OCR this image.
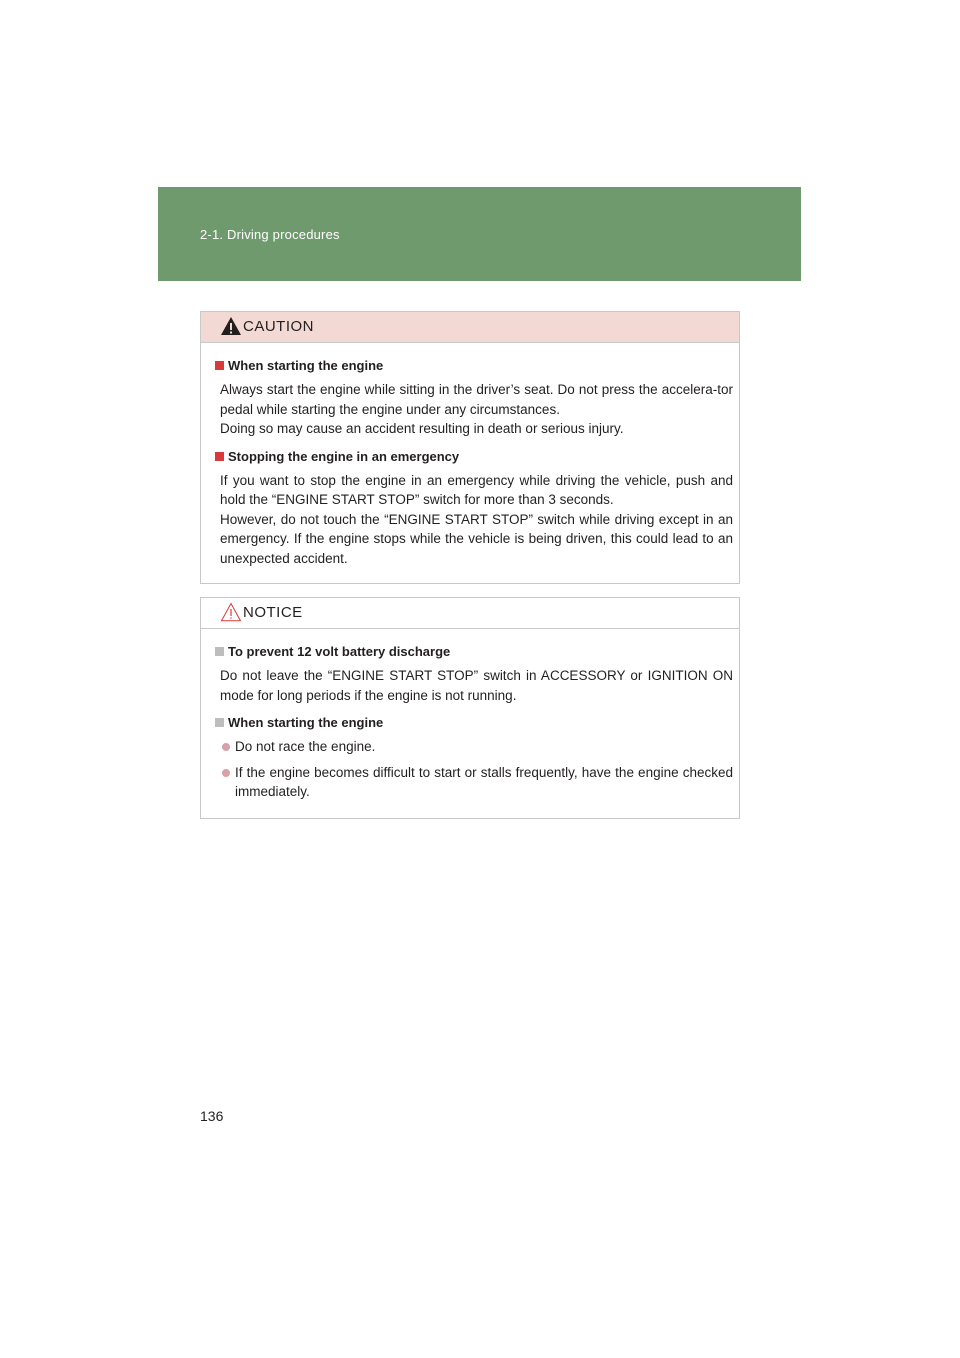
2-1. Driving procedures
CAUTION
When starting the engine
Always start the engine while sitting in the driver’s seat. Do not press the accelera-tor pedal while starting the engine under any circumstances.
Doing so may cause an accident resulting in death or serious injury.
Stopping the engine in an emergency
If you want to stop the engine in an emergency while driving the vehicle, push and hold the “ENGINE START STOP” switch for more than 3 seconds.
However, do not touch the “ENGINE START STOP” switch while driving except in an emergency. If the engine stops while the vehicle is being driven, this could lead to an unexpected accident.
NOTICE
To prevent 12 volt battery discharge
Do not leave the “ENGINE START STOP” switch in ACCESSORY or IGNITION ON mode for long periods if the engine is not running.
When starting the engine
Do not race the engine.
If the engine becomes difficult to start or stalls frequently, have the engine checked immediately.
136
